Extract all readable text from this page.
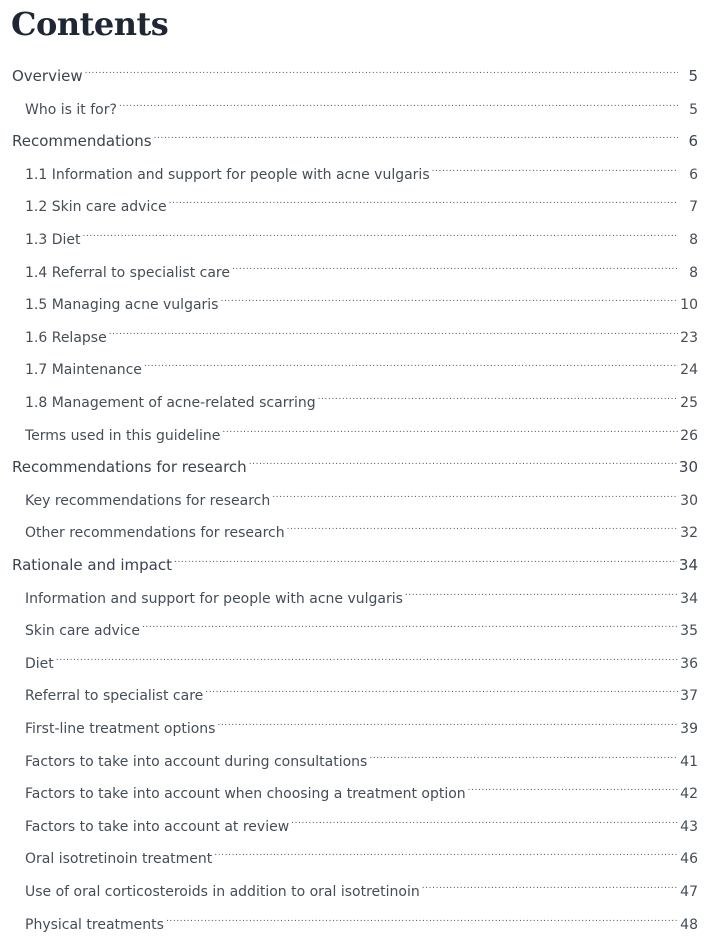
Contents
Overview .....	5
Who is it for? .....	5
Recommendations .....	6
1.1 Information and support for people with acne vulgaris .....	6
1.2 Skin care advice .....	7
1.3 Diet .....	8
1.4 Referral to specialist care .....	8
1.5 Managing acne vulgaris .....	10
1.6 Relapse .....	23
1.7 Maintenance .....	24
1.8 Management of acne-related scarring .....	25
Terms used in this guideline .....	26
Recommendations for research .....	30
Key recommendations for research .....	30
Other recommendations for research .....	32
Rationale and impact .....	34
Information and support for people with acne vulgaris .....	34
Skin care advice .....	35
Diet .....	36
Referral to specialist care .....	37
First-line treatment options .....	39
Factors to take into account during consultations .....	41
Factors to take into account when choosing a treatment option .....	42
Factors to take into account at review .....	43
Oral isotretinoin treatment .....	46
Use of oral corticosteroids in addition to oral isotretinoin .....	47
Physical treatments .....	48
